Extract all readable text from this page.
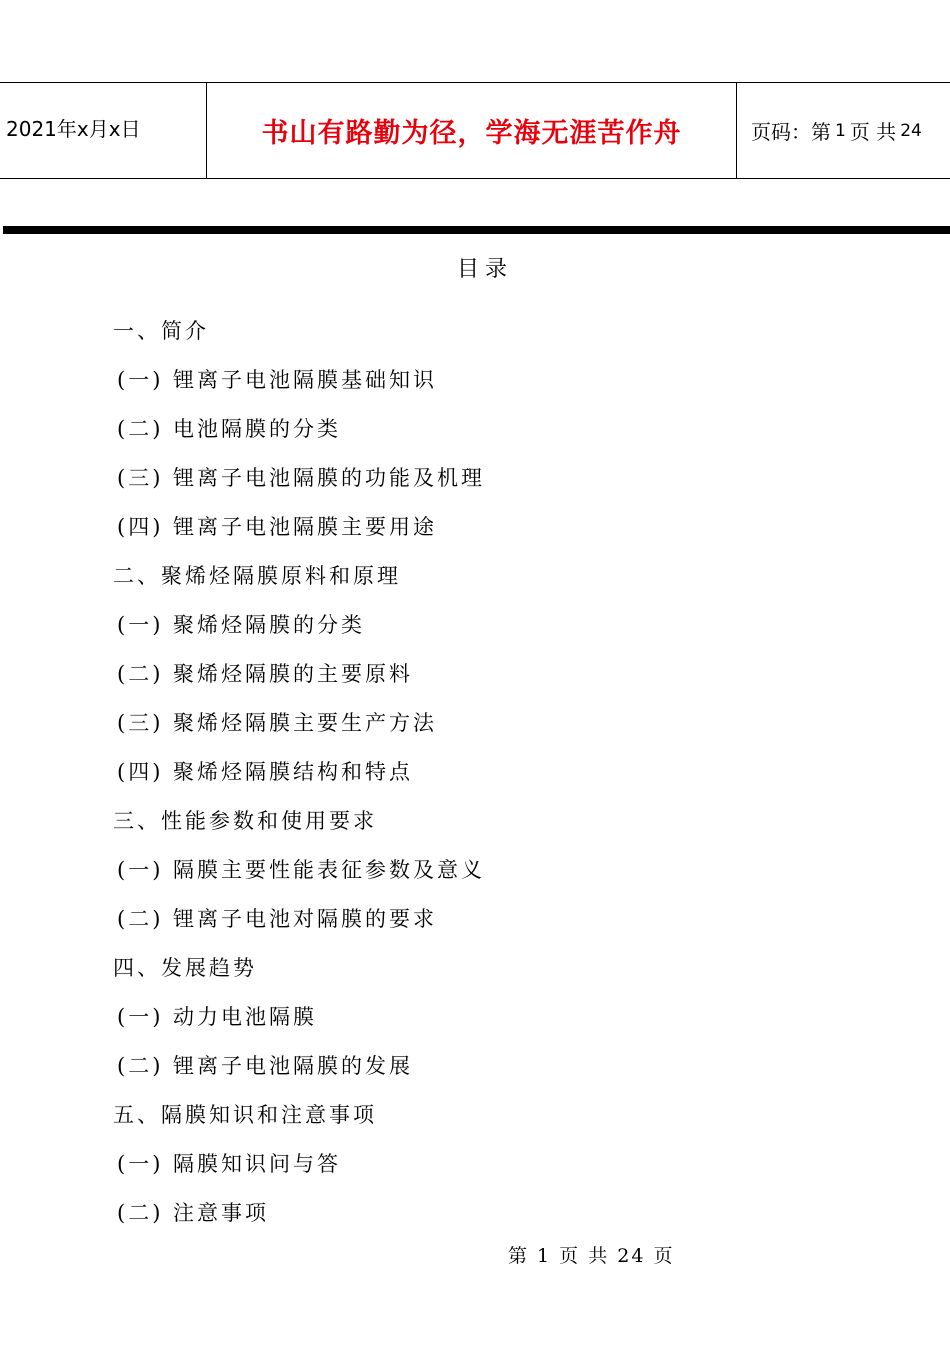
2021年x月x日	书山有路勤为径，学海无涯苦作舟	页码：第 1 页 共 24
目录
一、简介
(一) 锂离子电池隔膜基础知识
(二) 电池隔膜的分类
(三) 锂离子电池隔膜的功能及机理
(四) 锂离子电池隔膜主要用途
二、聚烯烃隔膜原料和原理
(一) 聚烯烃隔膜的分类
(二) 聚烯烃隔膜的主要原料
(三) 聚烯烃隔膜主要生产方法
(四) 聚烯烃隔膜结构和特点
三、性能参数和使用要求
(一) 隔膜主要性能表征参数及意义
(二) 锂离子电池对隔膜的要求
四、发展趋势
(一) 动力电池隔膜
(二) 锂离子电池隔膜的发展
五、隔膜知识和注意事项
(一) 隔膜知识问与答
(二) 注意事项
第 1 页 共 24 页
